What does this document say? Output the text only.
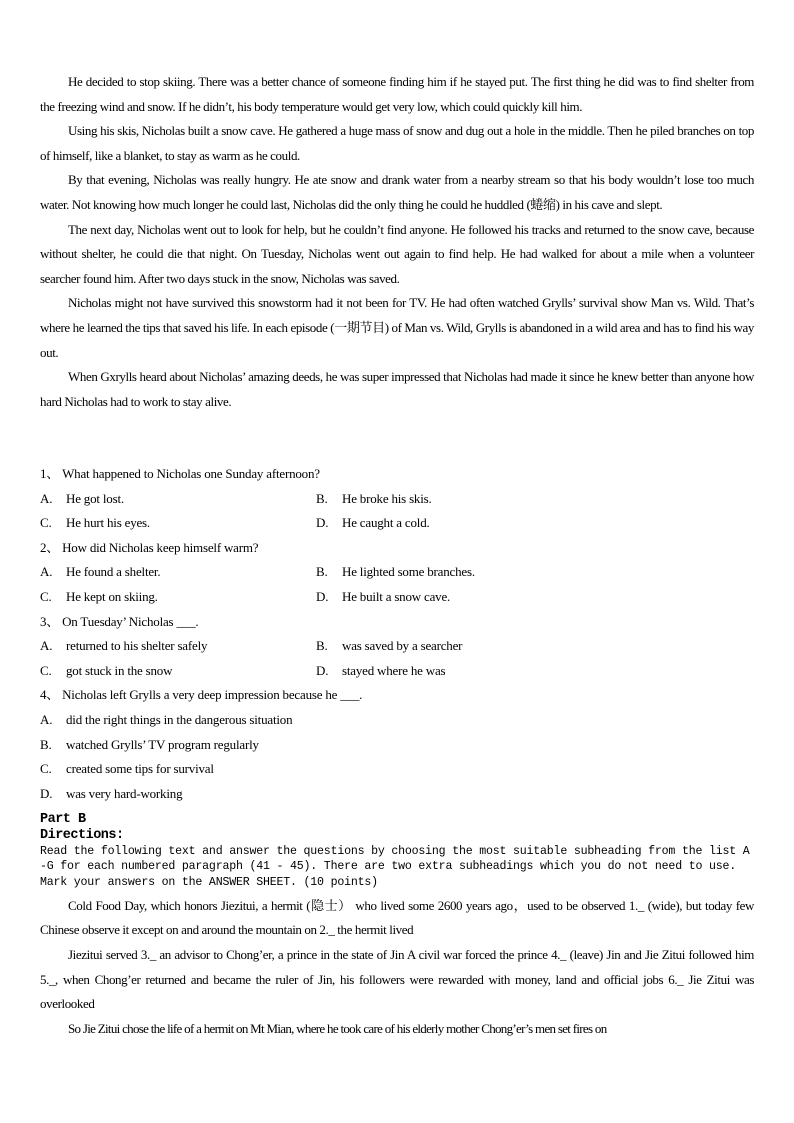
He decided to stop skiing. There was a better chance of someone finding him if he stayed put. The first thing he did was to find shelter from the freezing wind and snow. If he didn’t, his body temperature would get very low, which could quickly kill him.

Using his skis, Nicholas built a snow cave. He gathered a huge mass of snow and dug out a hole in the middle. Then he piled branches on top of himself, like a blanket, to stay as warm as he could.

By that evening, Nicholas was really hungry. He ate snow and drank water from a nearby stream so that his body wouldn’t lose too much water. Not knowing how much longer he could last, Nicholas did the only thing he could he huddled (蜷缩) in his cave and slept.

The next day, Nicholas went out to look for help, but he couldn’t find anyone. He followed his tracks and returned to the snow cave, because without shelter, he could die that night. On Tuesday, Nicholas went out again to find help. He had walked for about a mile when a volunteer searcher found him. After two days stuck in the snow, Nicholas was saved.

Nicholas might not have survived this snowstorm had it not been for TV. He had often watched Grylls’ survival show Man vs. Wild. That’s where he learned the tips that saved his life. In each episode (一期节目) of Man vs. Wild, Grylls is abandoned in a wild area and has to find his way out.

When Gxrylls heard about Nicholas’ amazing deeds, he was super impressed that Nicholas had made it since he knew better than anyone how hard Nicholas had to work to stay alive.

1、 What happened to Nicholas one Sunday afternoon?
A. He got lost.	B. He broke his skis.
C. He hurt his eyes.	D. He caught a cold.
2、 How did Nicholas keep himself warm?
A. He found a shelter.	B. He lighted some branches.
C. He kept on skiing.	D. He built a snow cave.
3、 On Tuesday’ Nicholas ___.
A. returned to his shelter safely	B. was saved by a searcher
C. got stuck in the snow	D. stayed where he was
4、 Nicholas left Grylls a very deep impression because he ___.
A. did the right things in the dangerous situation
B. watched Grylls’ TV program regularly
C. created some tips for survival
D. was very hard-working
Part B
Directions:
Read the following text and answer the questions by choosing the most suitable subheading from the list A -G for each numbered paragraph (41 - 45). There are two extra subheadings which you do not need to use. Mark your answers on the ANSWER SHEET. (10 points)

Cold Food Day, which honors Jiezitui, a hermit (隐士） who lived some 2600 years ago，used to be observed 1._ (wide), but today few Chinese observe it except on and around the mountain on 2._ the hermit lived

Jiezitui served 3._ an advisor to Chong’er, a prince in the state of Jin A civil war forced the prince 4._ (leave) Jin and Jie Zitui followed him 5._, when Chong’er returned and became the ruler of Jin, his followers were rewarded with money, land and official jobs 6._ Jie Zitui was overlooked

So Jie Zitui chose the life of a hermit on Mt Mian, where he took care of his elderly mother Chong’er’s men set fires on
